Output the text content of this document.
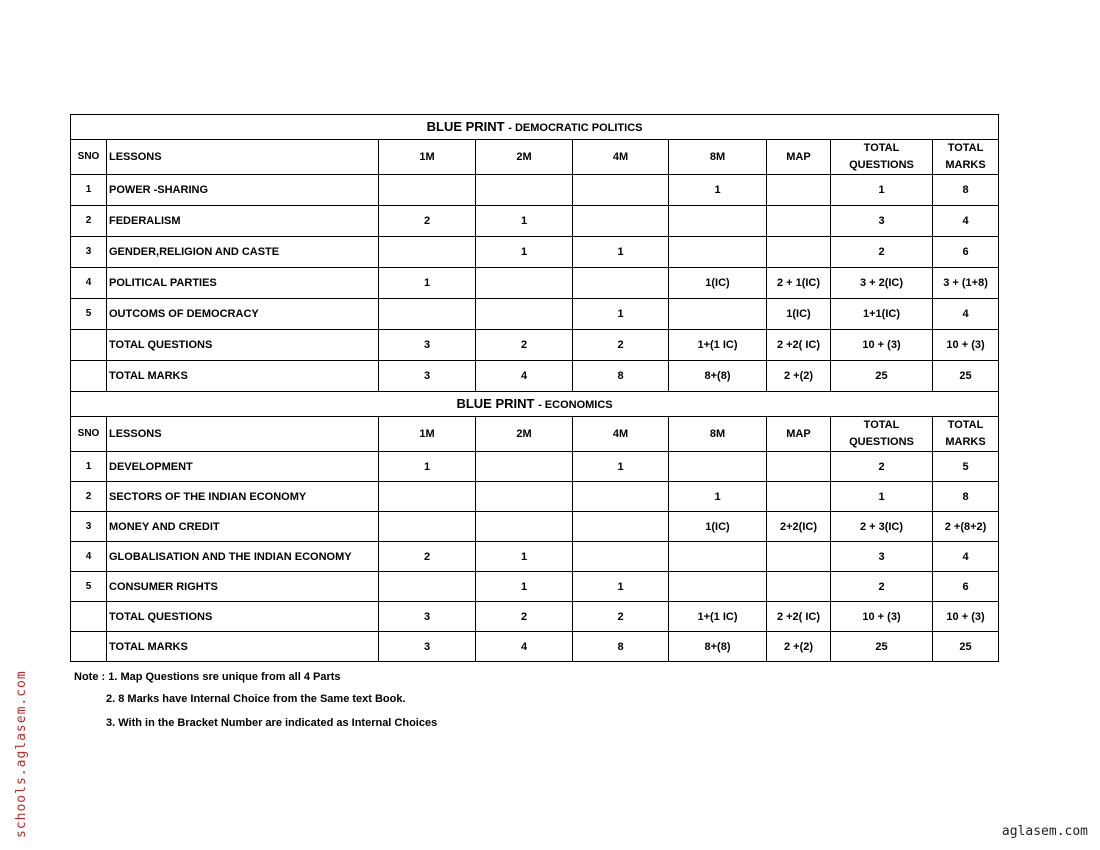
BLUE PRINT - DEMOCRATIC POLITICS								
SNO	LESSONS	1M	2M	4M	8M	MAP	TOTAL QUESTIONS	TOTAL MARKS
1	POWER -SHARING				1		1	8
2	FEDERALISM	2	1				3	4
3	GENDER,RELIGION AND CASTE		1	1			2	6
4	POLITICAL PARTIES	1			1(IC)	2 + 1(IC)	3 + 2(IC)	3 + (1+8)
5	OUTCOMS OF DEMOCRACY			1		1(IC)	1+1(IC)	4
	TOTAL QUESTIONS	3	2	2	1+(1 IC)	2 +2( IC)	10 + (3)	10 + (3)
	TOTAL MARKS	3	4	8	8+(8)	2 +(2)	25	25
BLUE PRINT - ECONOMICS								
SNO	LESSONS	1M	2M	4M	8M	MAP	TOTAL QUESTIONS	TOTAL MARKS
1	DEVELOPMENT	1		1			2	5
2	SECTORS OF THE INDIAN ECONOMY				1		1	8
3	MONEY AND CREDIT				1(IC)	2+2(IC)	2 + 3(IC)	2 +(8+2)
4	GLOBALISATION AND THE INDIAN ECONOMY	2	1				3	4
5	CONSUMER RIGHTS		1	1			2	6
	TOTAL QUESTIONS	3	2	2	1+(1 IC)	2 +2( IC)	10 + (3)	10 + (3)
	TOTAL MARKS	3	4	8	8+(8)	2 +(2)	25	25
Note : 1. Map Questions sre unique from all 4 Parts
2. 8 Marks have Internal Choice from the Same text Book.
3. With in the Bracket Number are indicated as Internal Choices
schools.aglasem.com	aglasem.com
